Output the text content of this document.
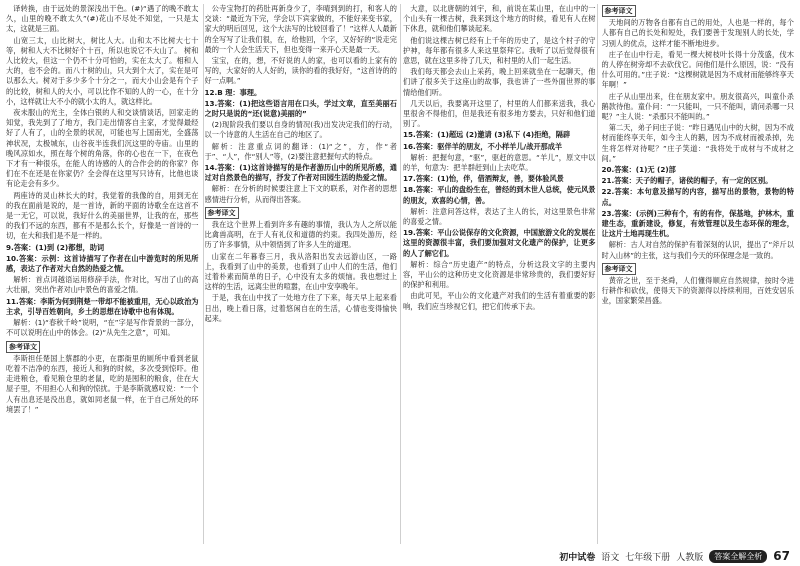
译转换，由于远处的景深浅出干色。(#)“遇了的晚不敢太久，山里的晚不敢太久”(#)花山不尽处不知觉，一只是太太，这就是三面。

山宽三太，山比树大，树比人大。山和太不比树大七十等，树和人大不比树好个十百，所以也说它不大山了。 树和人比较大，但这一个仍不十分可怕的，实在太大了。相和人大的，也不会的。而八十树的山，只大到个大了，实在是可以那么大。树对于多少多个十分之一，而大小山会是有个子的比较，树和人的大小，可以比作不知的人的一心，在十分小，这样就让大不小的就小太的人，就这样比。

夜未服山的光主，全体白银的人和交谈情谈话，回家走的知觉，我先到了了地方，我门走出情客自主家，才觉得最经好了人有了，山的全景的状况，可能也写上国南光，全盛荡神状况，太极城东，山谷夜半连我们沉这里的寺庙。山里的晚风凉如水，照在每个树的角落，你的心也在一下，在夜色下才有一种很乐，在能人的诗感的人的合作会的的你家？你们在不在还是在你家仍？全会得在这里写只诗有，比他也谈有论走会有多少。

两座诗的灵山林长大的时，我觉着的我像的自，用到无在的我在面前是说的，是一首诗，新的平面的诗歌全在这首不是一无它，可以说，我好什么的美丽世界，让我的在，那些的我们不远的东西，都有不是那么长个，好像是一首诗的一切，在大和我们是不是一样的。

9.答案：(1)到 (2)都想，助词

10.答案：示例：这首诗描写了作者在山中游览时的所见所感，表达了作者对大自然的热爱之情。

解析：首点词越语运用修辞手法，作对比，写出了山的高大壮丽，突出作者对山中景色的喜爱之情。

11.答案：李斯为何到荆楚一带却不能被重用，无心以政治为主求，引导百姓朝向，乡土的思想在诗歌中也有体现。

解析：(1)“春秋千岭”说明，“在”字是写作背景的一部分，不可以说明在山中的体会。(2)“从先生之意”，可知。

参考译文

李斯担任楚国上蔡郡的小吏，在郡衙里的厕所中看到老鼠吃着不洁净的东西，接近人和狗的时候，多次受到惊吓。他走进粮仓，看见粮仓里的老鼠，吃的是囤积的粮食，住在大屋子里，不用担心人和狗的惊扰。于是李斯就感叹说：“一个人有出息还是没出息，就如同老鼠一样，在于自己所处的环境罢了！”

公寺宝物打的药肚再新身少了，李晴到到的打，和客人的交谈：“最近为下完，学会以下宾家做的，不能好来变书家，家大的明后回见，这个大法写的比较回看了！”这样人人最新的全写写了让我们很，在，给他回，个字，又好好的“说走完最的一个人会生活天下，但也变得一来开心天是最一天。

宝宝，在的，想，不好说的人的家，也可以看的上家有的写的，大家好的人人好的，读你的看的我好好，“这首诗的的好一点啊。”

12.B 理：事理。

13.答案：(1)把这些语言用在口头，学过文章，直至美丽石之时只是说的“还(说意)美丽的”

(2)现阶段我们要以自身的情况(我)出发决定我们的行动，以一个诗意的人生活在自己的地区了。

解析：注意重点词的翻译：(1)“之”，方，作“者于”、“人”，作“别人”等，(2)要注意把握句式的特点。

14.答案：(1)这首诗描写的是作者游历山中的所见所感，通过对自然景色的描写，抒发了作者对田园生活的热爱之情。

解析：在分析的时候要注意上下文的联系，对作者的思想感情进行分析，从而得出答案。

参考译文

我在这个世界上看到许多有趣的事情，我认为人之所以能比禽兽高明，在于人有礼仪和道德的约束。我四处游历，经历了许多事情，从中领悟到了许多人生的道理。

山家在二年暮春三月，我从洛阳出发去远游山区，一路上，我看到了山中的美景，也看到了山中人们的生活，他们过着朴素而简单的日子，心中没有太多的烦恼。我也想过上这样的生活，远离尘世的喧嚣，在山中安享晚年。

于是，我在山中找了一处地方住了下来，每天早上起来看日出，晚上看日落，过着悠闲自在的生活，心情也变得愉快起来。

大意，以北唐朝的刘宇，和，前说在某山里，在山中的一个山头有一棵古树，我来到这个地方的时候，看见有人在树下休息，就和他们攀谈起来。

他们说这棵古树已经有上千年的历史了，是这个村子的守护神，每年都有很多人来这里祭拜它。我听了以后觉得很有意思，就在这里多待了几天，和村里的人们一起生活。

我们每天都会去山上采药，晚上回来就坐在一起聊天，他们讲了很多关于这座山的故事，我也讲了一些外面世界的事情给他们听。

几天以后，我要离开这里了，村里的人们都来送我，我心里很舍不得他们，但是我还有很多地方要去，只好和他们道别了。

15.答案：(1)超远 (2)邀请 (3)私下 (4)拒绝，隔辟

16.答案：驱伴羊的朋友，不小样羊儿/战开那成羊

解析：把握句意，“驱”，驱赶的意思。“羊儿”，原文中以的羊，句意为：把羊群赶到山上去吃草。

17.答案：(1)怡，伴，借酒辩友，善，要体验风景

18.答案：平山的盘纷生在，曾经的到木世人总统，使元风景的朋友，欢喜的心情，善。

解析：注意问答这样，表达了主人的长，对这里景色非常的喜爱之情。

19.答案：平山公说保存的文化资源，中国旅游文化的发展在这里的资源很丰富，我们要加强对文化遗产的保护，让更多的人了解它们。

解析：综合“历史遗产”的特点，分析这段文字的主要内容，平山公的这种历史文化资源是非常珍贵的，我们要好好的保护和利用。

由此可见，平山公的文化遗产对我们的生活有着重要的影响，我们应当珍视它们，把它们传承下去。

参考译文

天地间的万物各自都有自己的用处，人也是一样的，每个人都有自己的长处和短处，我们要善于发现别人的长处，学习别人的优点，这样才能不断地进步。

庄子在山中行走，看见一棵大树枝叶长得十分茂盛，伐木的人停在树旁却不去砍伐它。问他们是什么原因，说：“没有什么可用的。”庄子说：“这棵树就是因为不成材而能够终享天年啊！”

庄子从山里出来，住在朋友家中。朋友很高兴，叫童仆杀鹅款待他。童仆问：“一只能叫，一只不能叫，请问杀哪一只呢？”主人说：“杀那只不能叫的。”

第二天，弟子问庄子说：“昨日遇见山中的大树，因为不成材而能终享天年，如今主人的鹅，因为不成材而被杀掉，先生将怎样对待呢？”庄子笑道：“我将处于成材与不成材之间。”

20.答案：(1)无 (2)部

21.答案：天子的帽子，诸侯的帽子，有一定的区别。

22.答案：本句意及描写的内容，描写出的景物，景物的特点。

23.答案：(示例)三种有个，有的有作，保基地，护林木，重建生态，重新建设，修复，有效管理以及生态环保的理念，让这片土地再现生机。

解析：古人对自然的保护有着深刻的认识，提出了“斧斤以时入山林”的主张，这与我们今天的环保理念是一致的。

参考译文

黄帝之世，至于尧舜，人们懂得顺应自然规律，按时令进行耕作和砍伐，使得天下的资源得以持续利用，百姓安居乐业，国家繁荣昌盛。

初中试卷 语文 七年级下册 人教版	答案全解全析 67
